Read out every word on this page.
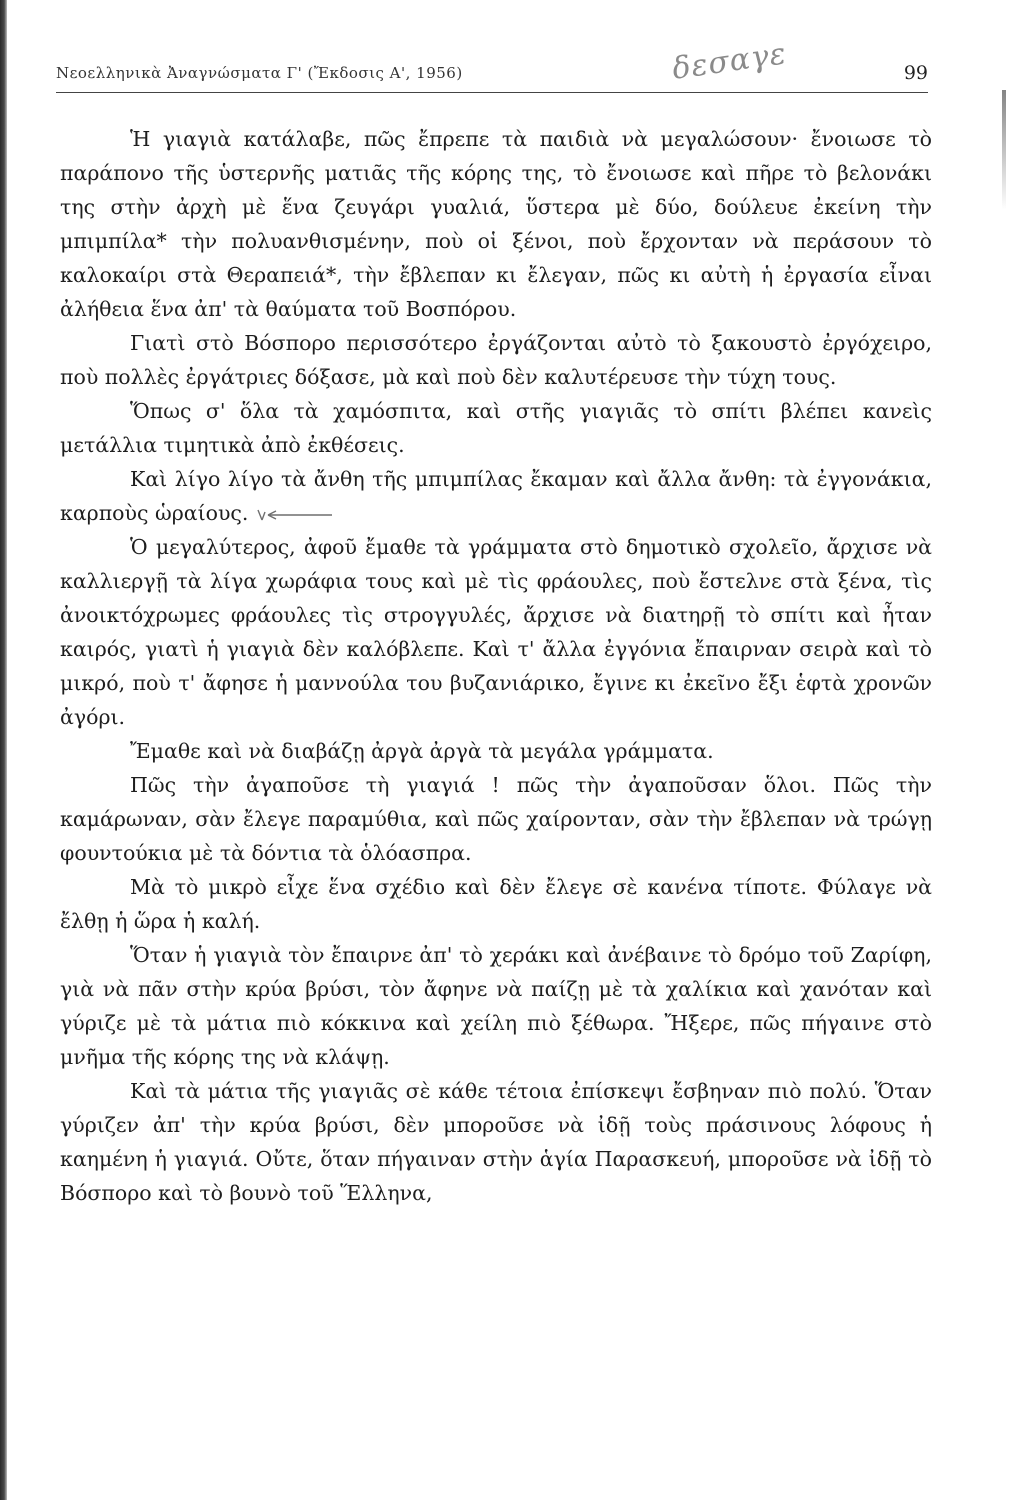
Νεοελληνικὰ Ἀναγνώσματα Γ' (Ἔκδοσις Α', 1956)	99
δεσαγε

Ἡ γιαγιὰ κατάλαβε, πῶς ἔπρεπε τὰ παιδιὰ νὰ μεγαλώσουν· ἔνοιωσε τὸ παράπονο τῆς ὑστερνῆς ματιᾶς τῆς κόρης της, τὸ ἔνοιωσε καὶ πῆρε τὸ βελονάκι της στὴν ἀρχὴ μὲ ἕνα ζευγάρι γυαλιά, ὕστερα μὲ δύο, δούλευε ἐκείνη τὴν μπιμπίλα* τὴν πολυανθισμένην, ποὺ οἱ ξένοι, ποὺ ἔρχονταν νὰ περάσουν τὸ καλοκαίρι στὰ Θεραπειά*, τὴν ἔβλεπαν κι ἔλεγαν, πῶς κι αὐτὴ ἡ ἐργασία εἶναι ἀλήθεια ἕνα ἀπ' τὰ θαύματα τοῦ Βοσπόρου.

Γιατὶ στὸ Βόσπορο περισσότερο ἐργάζονται αὐτὸ τὸ ξακουστὸ ἐργόχειρο, ποὺ πολλὲς ἐργάτριες δόξασε, μὰ καὶ ποὺ δὲν καλυτέρευσε τὴν τύχη τους.

Ὅπως σ' ὅλα τὰ χαμόσπιτα, καὶ στῆς γιαγιᾶς τὸ σπίτι βλέπει κανεὶς μετάλλια τιμητικὰ ἀπὸ ἐκθέσεις.

Καὶ λίγο λίγο τὰ ἄνθη τῆς μπιμπίλας ἔκαμαν καὶ ἄλλα ἄνθη: τὰ ἐγγονάκια, καρποὺς ὡραίους.

Ὁ μεγαλύτερος, ἀφοῦ ἔμαθε τὰ γράμματα στὸ δημοτικὸ σχολεῖο, ἄρχισε νὰ καλλιεργῇ τὰ λίγα χωράφια τους καὶ μὲ τὶς φράουλες, ποὺ ἔστελνε στὰ ξένα, τὶς ἀνοικτόχρωμες φράουλες τὶς στρογγυλές, ἄρχισε νὰ διατηρῇ τὸ σπίτι καὶ ἦταν καιρός, γιατὶ ἡ γιαγιὰ δὲν καλόβλεπε. Καὶ τ' ἄλλα ἐγγόνια ἔπαιρναν σειρὰ καὶ τὸ μικρό, ποὺ τ' ἄφησε ἡ μαννούλα του βυζανιάρικο, ἔγινε κι ἐκεῖνο ἔξι ἑφτὰ χρονῶν ἀγόρι.

Ἔμαθε καὶ νὰ διαβάζῃ ἀργὰ ἀργὰ τὰ μεγάλα γράμματα.

Πῶς τὴν ἀγαποῦσε τὴ γιαγιά ! πῶς τὴν ἀγαποῦσαν ὅλοι. Πῶς τὴν καμάρωναν, σὰν ἔλεγε παραμύθια, καὶ πῶς χαίρονταν, σὰν τὴν ἔβλεπαν νὰ τρώγῃ φουντούκια μὲ τὰ δόντια τὰ ὁλόασπρα.

Μὰ τὸ μικρὸ εἶχε ἕνα σχέδιο καὶ δὲν ἔλεγε σὲ κανένα τίποτε. Φύλαγε νὰ ἔλθῃ ἡ ὥρα ἡ καλή.

Ὅταν ἡ γιαγιὰ τὸν ἔπαιρνε ἀπ' τὸ χεράκι καὶ ἀνέβαινε τὸ δρόμο τοῦ Ζαρίφη, γιὰ νὰ πᾶν στὴν κρύα βρύσι, τὸν ἄφηνε νὰ παίζῃ μὲ τὰ χαλίκια καὶ χανόταν καὶ γύριζε μὲ τὰ μάτια πιὸ κόκκινα καὶ χείλη πιὸ ξέθωρα. Ἤξερε, πῶς πήγαινε στὸ μνῆμα τῆς κόρης της νὰ κλάψῃ.

Καὶ τὰ μάτια τῆς γιαγιᾶς σὲ κάθε τέτοια ἐπίσκεψι ἔσβηναν πιὸ πολύ. Ὅταν γύριζεν ἀπ' τὴν κρύα βρύσι, δὲν μποροῦσε νὰ ἰδῇ τοὺς πράσινους λόφους ἡ καημένη ἡ γιαγιά. Οὔτε, ὅταν πήγαιναν στὴν ἁγία Παρασκευή, μποροῦσε νὰ ἰδῇ τὸ Βόσπορο καὶ τὸ βουνὸ τοῦ Ἕλληνα,
